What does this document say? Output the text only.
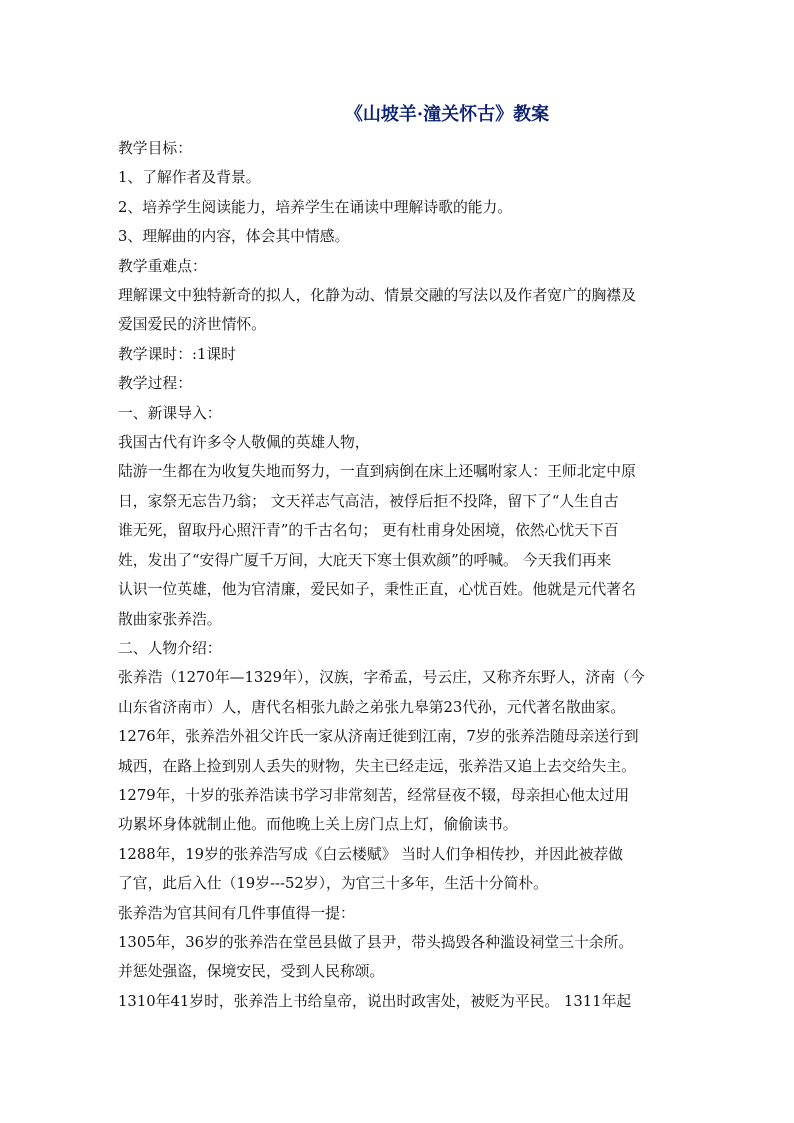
《山坡羊·潼关怀古》教案

教学目标：

1、了解作者及背景。

2、培养学生阅读能力，培养学生在诵读中理解诗歌的能力。

3、理解曲的内容，体会其中情感。

教学重难点：

理解课文中独特新奇的拟人，化静为动、情景交融的写法以及作者宽广的胸襟及

爱国爱民的济世情怀。

教学课时：:1课时

教学过程：

一、新课导入：

我国古代有许多令人敬佩的英雄人物，

陆游一生都在为收复失地而努力，一直到病倒在床上还嘱咐家人：王师北定中原

日，家祭无忘告乃翁； 文天祥志气高洁，被俘后拒不投降，留下了“人生自古

谁无死，留取丹心照汗青”的千古名句； 更有杜甫身处困境，依然心忧天下百

姓，发出了“安得广厦千万间，大庇天下寒士俱欢颜”的呼喊。 今天我们再来

认识一位英雄，他为官清廉，爱民如子，秉性正直，心忧百姓。他就是元代著名

散曲家张养浩。

二、人物介绍：

张养浩（1270年—1329年），汉族，字希孟，号云庄，又称齐东野人，济南（今

山东省济南市）人，唐代名相张九龄之弟张九皋第23代孙，元代著名散曲家。

1276年，张养浩外祖父许氏一家从济南迁徙到江南，7岁的张养浩随母亲送行到

城西，在路上捡到别人丢失的财物，失主已经走远，张养浩又追上去交给失主。

1279年，十岁的张养浩读书学习非常刻苦，经常昼夜不辍，母亲担心他太过用

功累坏身体就制止他。而他晚上关上房门点上灯，偷偷读书。

1288年，19岁的张养浩写成《白云楼赋》 当时人们争相传抄，并因此被荐做

了官，此后入仕（19岁---52岁），为官三十多年，生活十分简朴。

张养浩为官其间有几件事值得一提：

1305年，36岁的张养浩在堂邑县做了县尹，带头捣毁各种滥设祠堂三十余所。

并惩处强盗，保境安民，受到人民称颂。

1310年41岁时，张养浩上书给皇帝，说出时政害处，被贬为平民。 1311年起
